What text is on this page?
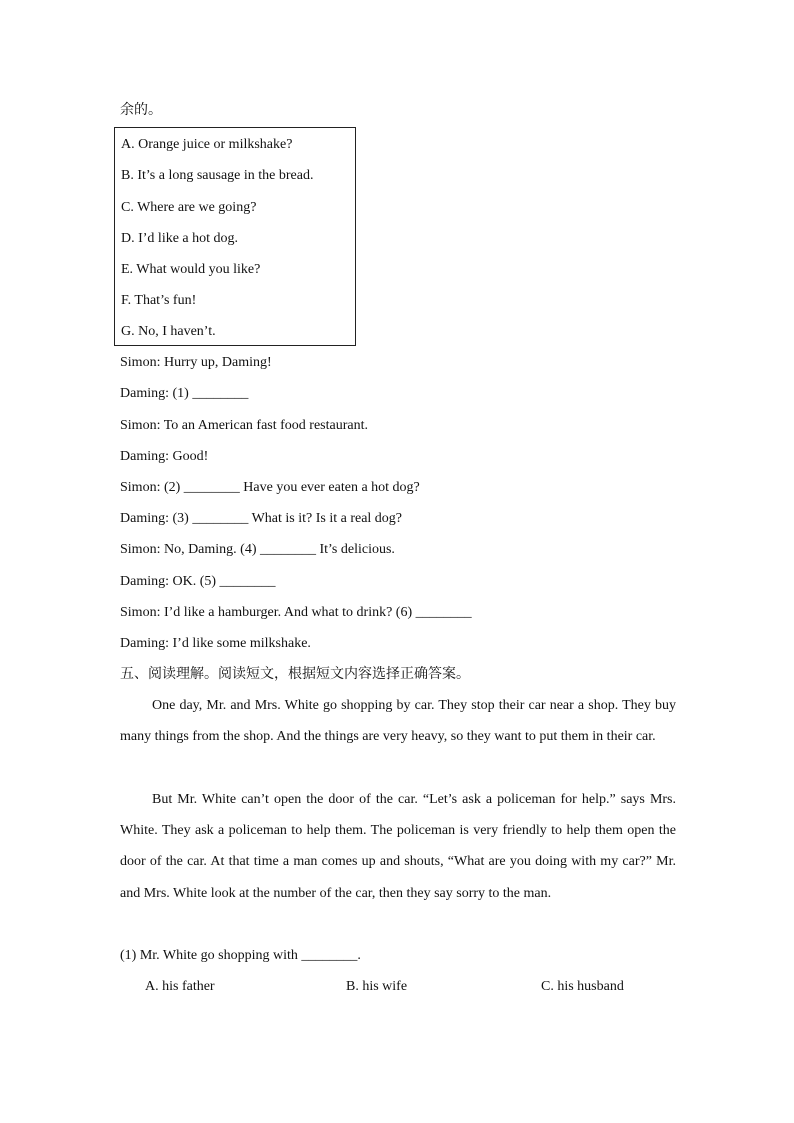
余的。
A. Orange juice or milkshake?
B. It’s a long sausage in the bread.
C. Where are we going?
D. I’d like a hot dog.
E. What would you like?
F. That’s fun!
G. No, I haven’t.
Simon: Hurry up, Daming!
Daming: (1) ________
Simon: To an American fast food restaurant.
Daming: Good!
Simon: (2) ________ Have you ever eaten a hot dog?
Daming: (3) ________ What is it? Is it a real dog?
Simon: No, Daming. (4) ________ It’s delicious.
Daming: OK. (5) ________
Simon: I’d like a hamburger. And what to drink? (6) ________
Daming: I’d like some milkshake.
五、阅读理解。阅读短文，根据短文内容选择正确答案。
One day, Mr. and Mrs. White go shopping by car. They stop their car near a shop. They buy many things from the shop. And the things are very heavy, so they want to put them in their car.
But Mr. White can’t open the door of the car. “Let’s ask a policeman for help.” says Mrs. White. They ask a policeman to help them. The policeman is very friendly to help them open the door of the car. At that time a man comes up and shouts, “What are you doing with my car?” Mr. and Mrs. White look at the number of the car, then they say sorry to the man.
(1) Mr. White go shopping with ________.
A. his father	B. his wife	C. his husband
